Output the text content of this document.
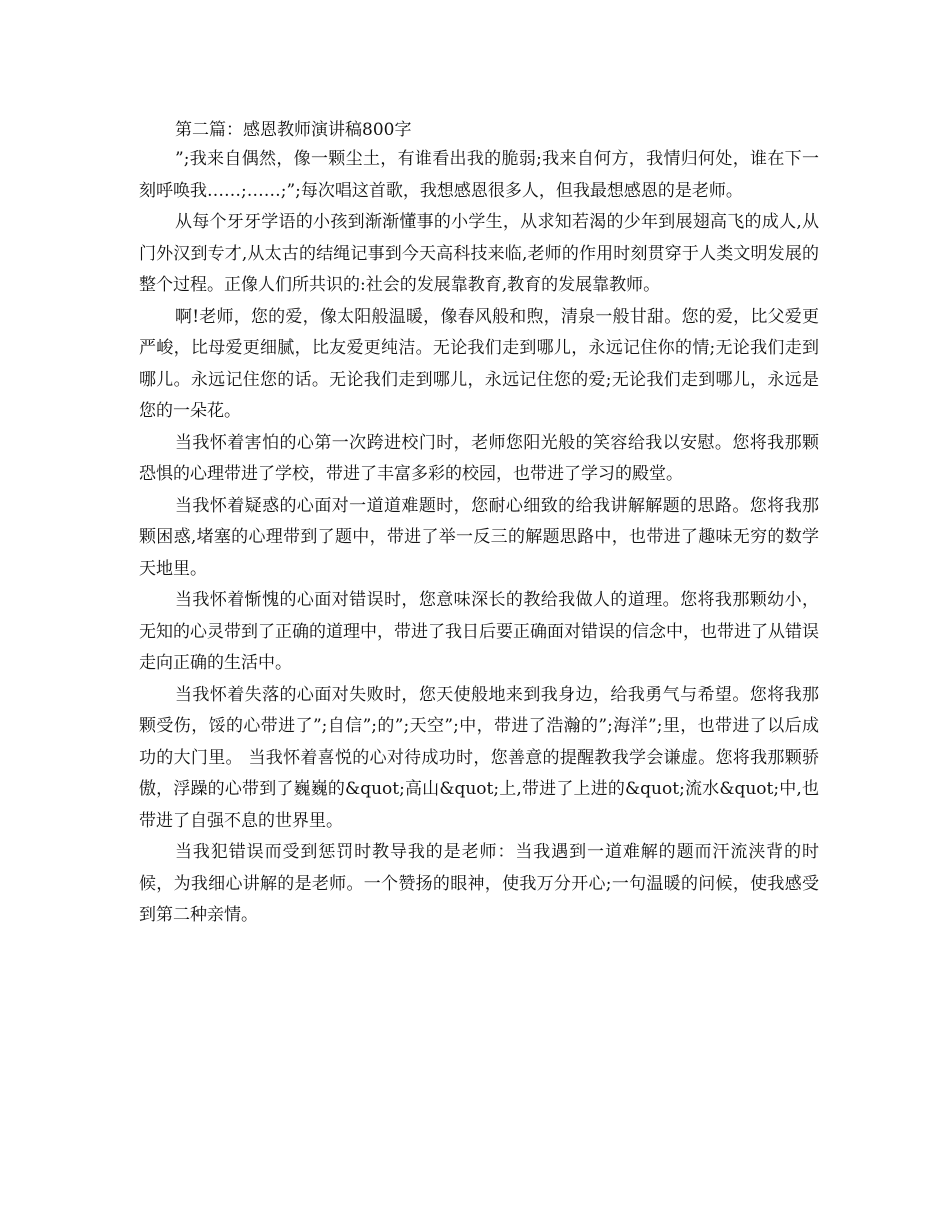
第二篇：感恩教师演讲稿800字

”;我来自偶然，像一颗尘土，有谁看出我的脆弱;我来自何方，我情归何处，谁在下一刻呼唤我……;……;”;每次唱这首歌，我想感恩很多人，但我最想感恩的是老师。

从每个牙牙学语的小孩到渐渐懂事的小学生，从求知若渴的少年到展翅高飞的成人,从门外汉到专才,从太古的结绳记事到今天高科技来临,老师的作用时刻贯穿于人类文明发展的整个过程。正像人们所共识的:社会的发展靠教育,教育的发展靠教师。

啊!老师，您的爱，像太阳般温暖，像春风般和煦，清泉一般甘甜。您的爱，比父爱更严峻，比母爱更细腻，比友爱更纯洁。无论我们走到哪儿，永远记住你的情;无论我们走到哪儿。永远记住您的话。无论我们走到哪儿，永远记住您的爱;无论我们走到哪儿，永远是您的一朵花。

当我怀着害怕的心第一次跨进校门时，老师您阳光般的笑容给我以安慰。您将我那颗恐惧的心理带进了学校，带进了丰富多彩的校园，也带进了学习的殿堂。

当我怀着疑惑的心面对一道道难题时，您耐心细致的给我讲解解题的思路。您将我那颗困惑,堵塞的心理带到了题中，带进了举一反三的解题思路中，也带进了趣味无穷的数学天地里。

当我怀着惭愧的心面对错误时，您意味深长的教给我做人的道理。您将我那颗幼小，无知的心灵带到了正确的道理中，带进了我日后要正确面对错误的信念中，也带进了从错误走向正确的生活中。

当我怀着失落的心面对失败时，您天使般地来到我身边，给我勇气与希望。您将我那颗受伤，馁的心带进了”;自信”;的”;天空”;中，带进了浩瀚的”;海洋”;里，也带进了以后成功的大门里。 当我怀着喜悦的心对待成功时，您善意的提醒教我学会谦虚。您将我那颗骄傲，浮躁的心带到了巍巍的&quot;高山&quot;上,带进了上进的&quot;流水&quot;中,也带进了自强不息的世界里。

当我犯错误而受到惩罚时教导我的是老师：当我遇到一道难解的题而汗流浃背的时候，为我细心讲解的是老师。一个赞扬的眼神，使我万分开心;一句温暖的问候，使我感受到第二种亲情。
